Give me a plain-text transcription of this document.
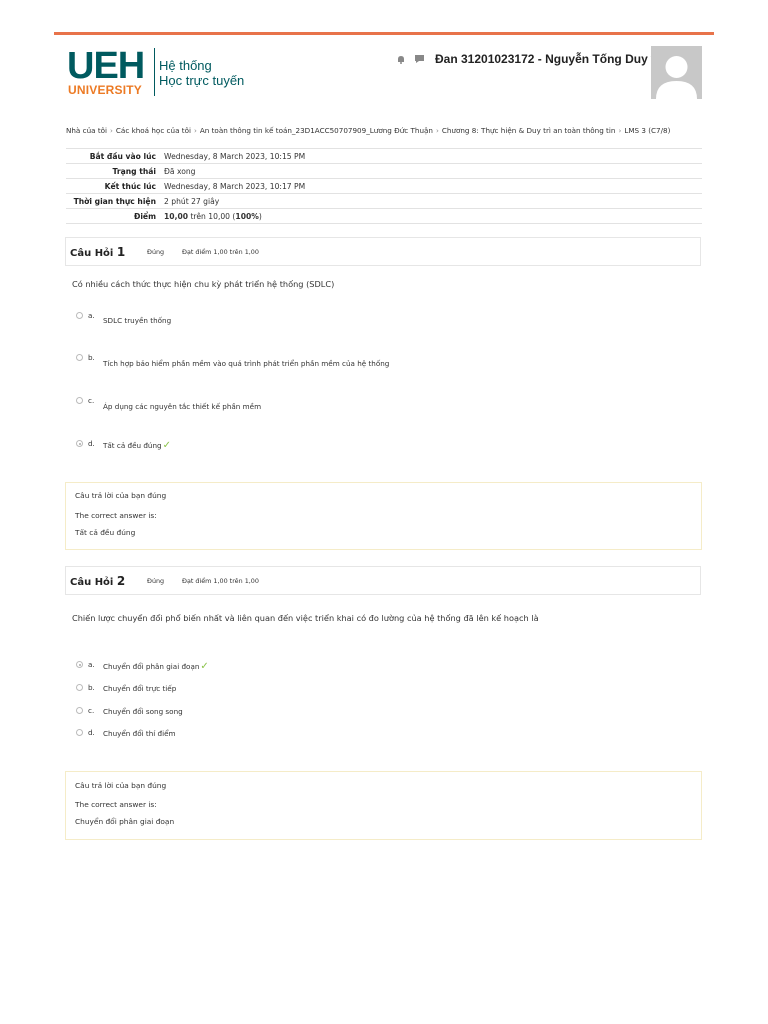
UEH
UNIVERSITY
Hệ thống
Học trực tuyến
Đan 31201023172 - Nguyễn Tống Duy
Nhà của tôi › Các khoá học của tôi › An toàn thông tin kế toán_23D1ACC50707909_Lương Đức Thuận › Chương 8: Thực hiện & Duy trì an toàn thông tin › LMS 3 (C7/8)
Bắt đầu vào lúc	Wednesday, 8 March 2023, 10:15 PM
Trạng thái	Đã xong
Kết thúc lúc	Wednesday, 8 March 2023, 10:17 PM
Thời gian thực hiện	2 phút 27 giây
Điểm	10,00 trên 10,00 (100%)
Câu Hỏi 1	Đúng	Đạt điểm 1,00 trên 1,00
Có nhiều cách thức thực hiện chu kỳ phát triển hệ thống (SDLC)
a.
SDLC truyền thống
b.
Tích hợp bảo hiểm phần mềm vào quá trình phát triển phần mềm của hệ thống
c.
Áp dụng các nguyên tắc thiết kế phần mềm
d. Tất cả đều đúng✓
Câu trả lời của bạn đúng
The correct answer is:
Tất cả đều đúng
Câu Hỏi 2	Đúng	Đạt điểm 1,00 trên 1,00
Chiến lược chuyển đổi phổ biến nhất và liên quan đến việc triển khai có đo lường của hệ thống đã lên kế hoạch là
a. Chuyển đổi phân giai đoạn✓
b. Chuyển đổi trực tiếp
c. Chuyển đổi song song
d. Chuyển đổi thí điểm
Câu trả lời của bạn đúng
The correct answer is:
Chuyển đổi phân giai đoạn
